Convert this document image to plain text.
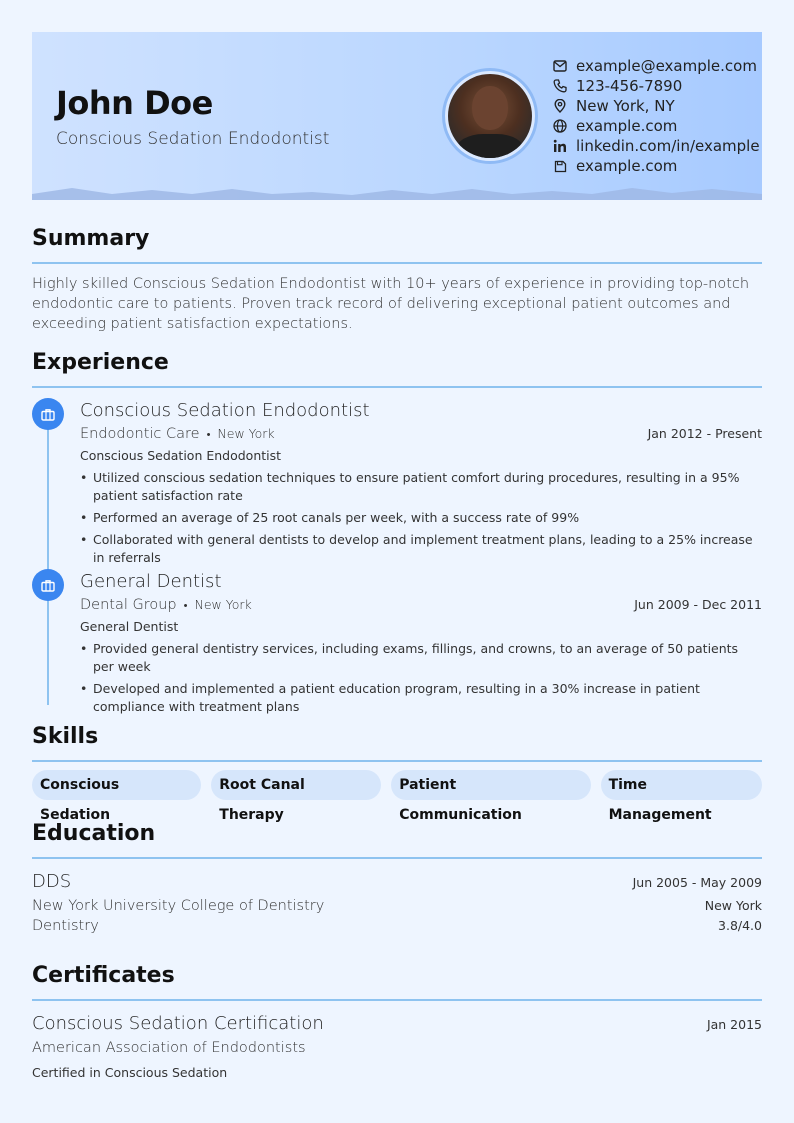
John Doe
Conscious Sedation Endodontist
example@example.com
123-456-7890
New York, NY
example.com
linkedin.com/in/example
example.com
Summary
Highly skilled Conscious Sedation Endodontist with 10+ years of experience in providing top-notch endodontic care to patients. Proven track record of delivering exceptional patient outcomes and exceeding patient satisfaction expectations.
Experience
Conscious Sedation Endodontist
Endodontic Care • New York	Jan 2012 - Present
Conscious Sedation Endodontist
• Utilized conscious sedation techniques to ensure patient comfort during procedures, resulting in a 95% patient satisfaction rate
• Performed an average of 25 root canals per week, with a success rate of 99%
• Collaborated with general dentists to develop and implement treatment plans, leading to a 25% increase in referrals
General Dentist
Dental Group • New York	Jun 2009 - Dec 2011
General Dentist
• Provided general dentistry services, including exams, fillings, and crowns, to an average of 50 patients per week
• Developed and implemented a patient education program, resulting in a 30% increase in patient compliance with treatment plans
Skills
Conscious Sedation
Root Canal Therapy
Patient Communication
Time Management
Education
DDS	Jun 2005 - May 2009
New York University College of Dentistry	New York
Dentistry	3.8/4.0
Certificates
Conscious Sedation Certification	Jan 2015
American Association of Endodontists
Certified in Conscious Sedation
